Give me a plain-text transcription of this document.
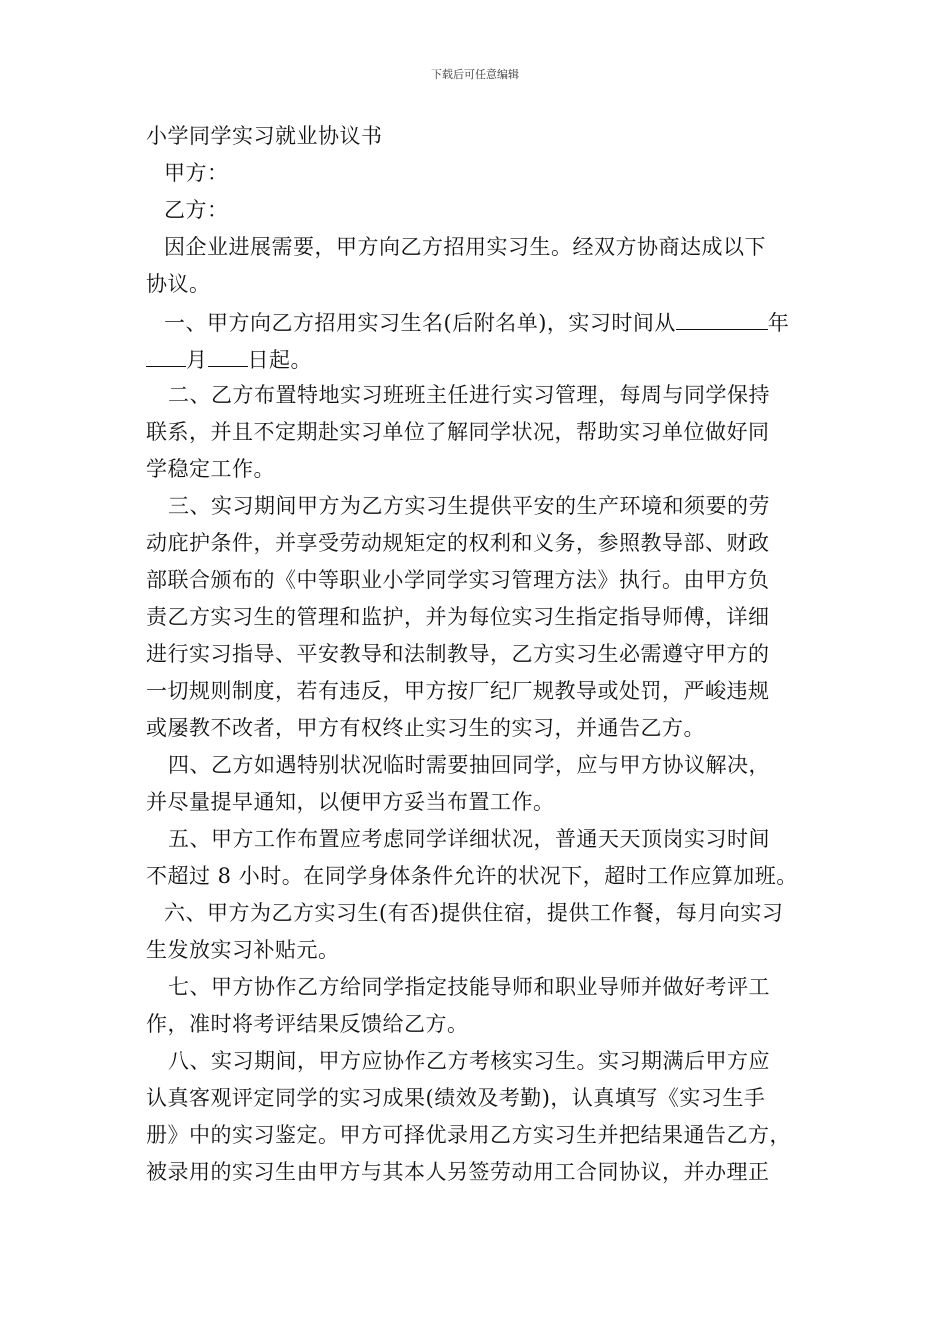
下载后可任意编辑
小学同学实习就业协议书
甲方：
乙方：
因企业进展需要，甲方向乙方招用实习生。经双方协商达成以下
协议。
一、甲方向乙方招用实习生名(后附名单)，实习时间从	年
月 日起。
二、乙方布置特地实习班班主任进行实习管理，每周与同学保持
联系，并且不定期赴实习单位了解同学状况，帮助实习单位做好同
学稳定工作。
三、实习期间甲方为乙方实习生提供平安的生产环境和须要的劳
动庇护条件，并享受劳动规矩定的权利和义务，参照教导部、财政
部联合颁布的《中等职业小学同学实习管理方法》执行。由甲方负
责乙方实习生的管理和监护，并为每位实习生指定指导师傅，详细
进行实习指导、平安教导和法制教导，乙方实习生必需遵守甲方的
一切规则制度，若有违反，甲方按厂纪厂规教导或处罚，严峻违规
或屡教不改者，甲方有权终止实习生的实习，并通告乙方。
四、乙方如遇特别状况临时需要抽回同学，应与甲方协议解决，
并尽量提早通知，以便甲方妥当布置工作。
五、甲方工作布置应考虑同学详细状况，普通天天顶岗实习时间
不超过 8 小时。在同学身体条件允许的状况下，超时工作应算加班。
六、甲方为乙方实习生(有否)提供住宿，提供工作餐，每月向实习
生发放实习补贴元。
七、甲方协作乙方给同学指定技能导师和职业导师并做好考评工
作，准时将考评结果反馈给乙方。
八、实习期间，甲方应协作乙方考核实习生。实习期满后甲方应
认真客观评定同学的实习成果(绩效及考勤)，认真填写《实习生手
册》中的实习鉴定。甲方可择优录用乙方实习生并把结果通告乙方，
被录用的实习生由甲方与其本人另签劳动用工合同协议，并办理正
